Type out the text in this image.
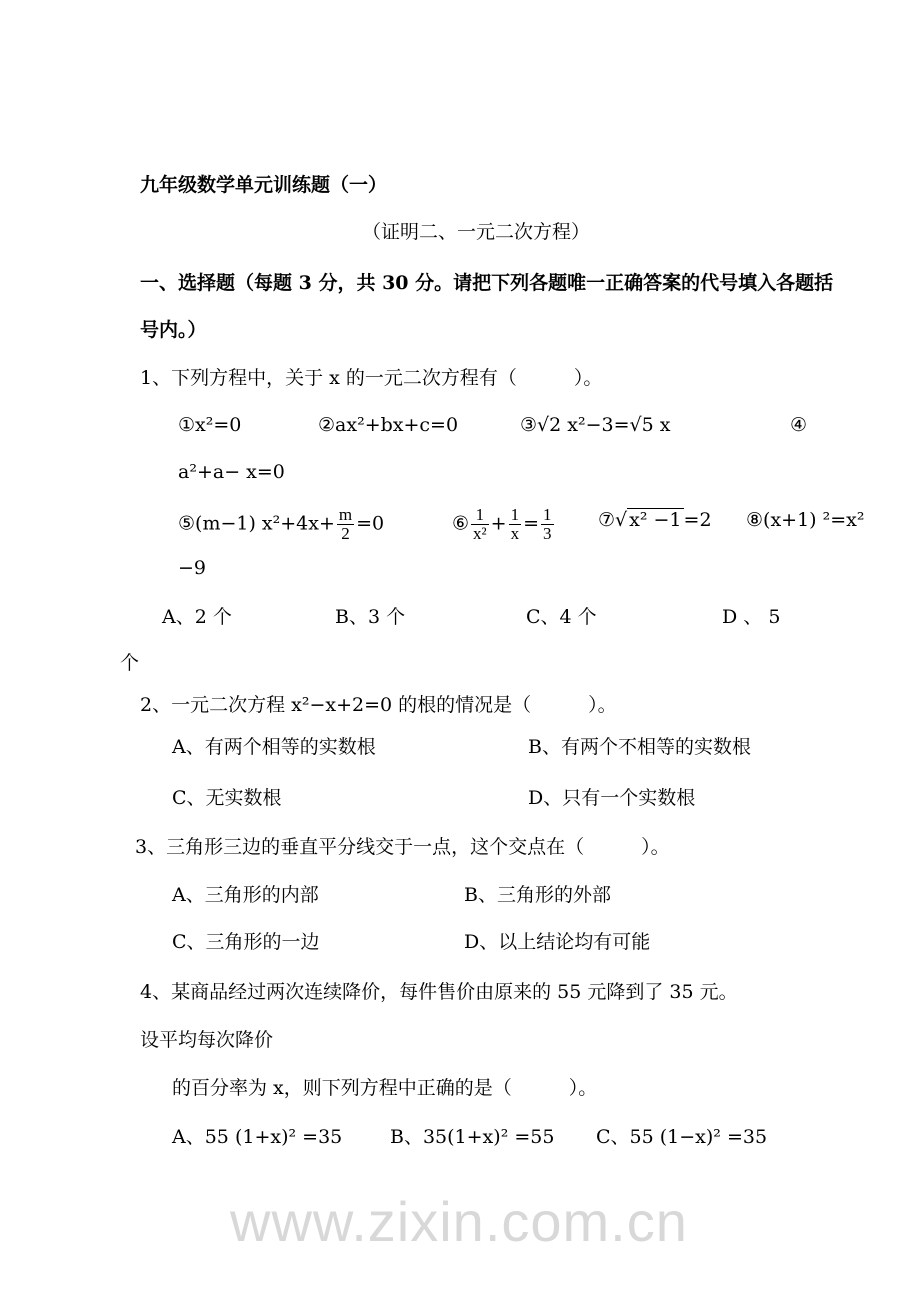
www.zixin.com.cn
九年级数学单元训练题（一）
（证明二、一元二次方程）
一、选择题（每题 3 分，共 30 分。请把下列各题唯一正确答案的代号填入各题括
号内。）
1、下列方程中，关于 x 的一元二次方程有（　　　）。
①x²=0	②ax²+bx+c=0	③√2 x²−3=√5 x	④
a²+a− x=0
⑤(m−1) $x^2+4x+ \frac{m}{2} =0$	⑥ $\frac{1}{\text{x²}} + \frac{1}{x} = \frac{1}{3}$ ⑦√ x² −1 =2 ⑧(x+1) ²=x²
−9
A、2 个	B、3 个	C、4 个	D 、 5
个
2、一元二次方程 x²−x+2=0 的根的情况是（　　　）。
A、有两个相等的实数根	B、有两个不相等的实数根
C、无实数根	D、只有一个实数根
3、三角形三边的垂直平分线交于一点，这个交点在（　　　）。
A、三角形的内部	B、三角形的外部
C、三角形的一边	D、以上结论均有可能
4、某商品经过两次连续降价，每件售价由原来的 55 元降到了 35 元。
设平均每次降价
的百分率为 x，则下列方程中正确的是（　　　）。
A、55 (1+x)² =35	B、35(1+x)² =55 C、55 (1−x)² =35
